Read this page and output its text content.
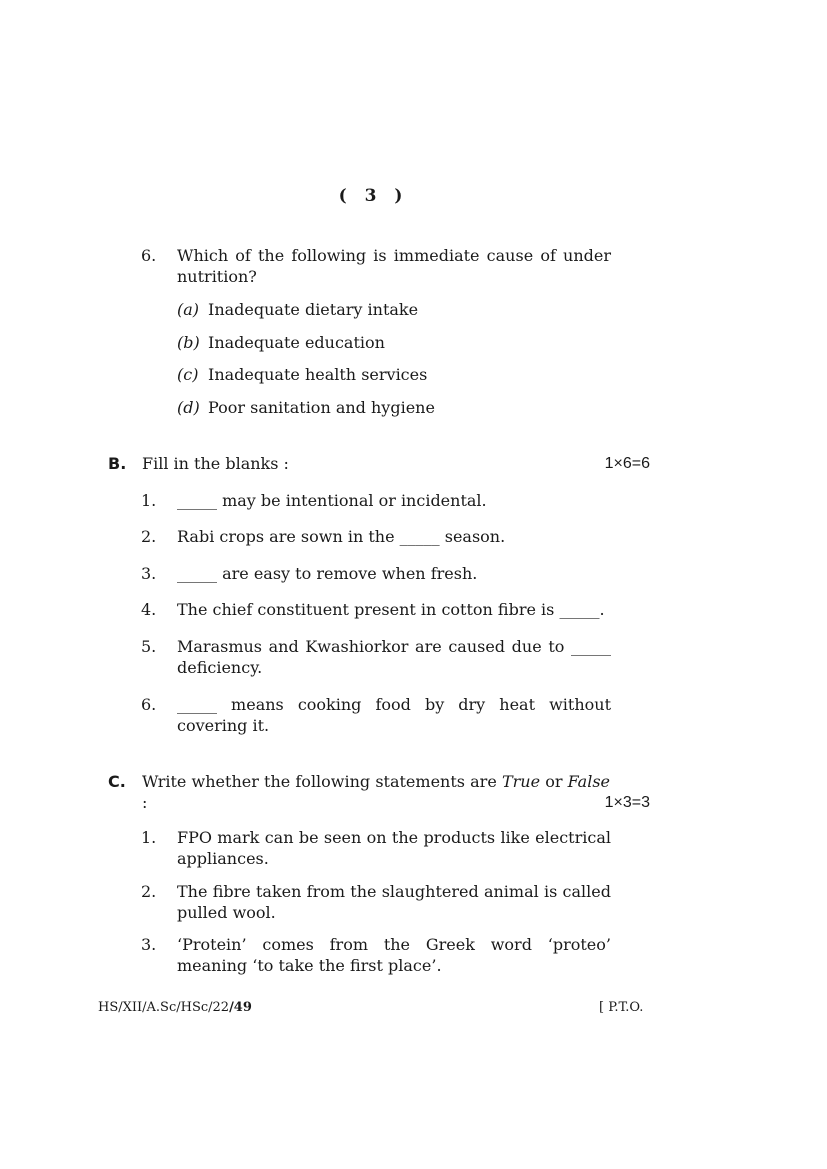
( 3 )
6. Which of the following is immediate cause of under nutrition?
(a) Inadequate dietary intake
(b) Inadequate education
(c) Inadequate health services
(d) Poor sanitation and hygiene
B. Fill in the blanks :	1×6=6
1. _____ may be intentional or incidental.
2. Rabi crops are sown in the _____ season.
3. _____ are easy to remove when fresh.
4. The chief constituent present in cotton fibre is _____.
5. Marasmus and Kwashiorkor are caused due to _____ deficiency.
6. _____ means cooking food by dry heat without covering it.
C. Write whether the following statements are True or False :	1×3=3
1. FPO mark can be seen on the products like electrical appliances.
2. The fibre taken from the slaughtered animal is called pulled wool.
3. ‘Protein’ comes from the Greek word ‘proteo’ meaning ‘to take the first place’.
HS/XII/A.Sc/HSc/22/49	[ P.T.O.
